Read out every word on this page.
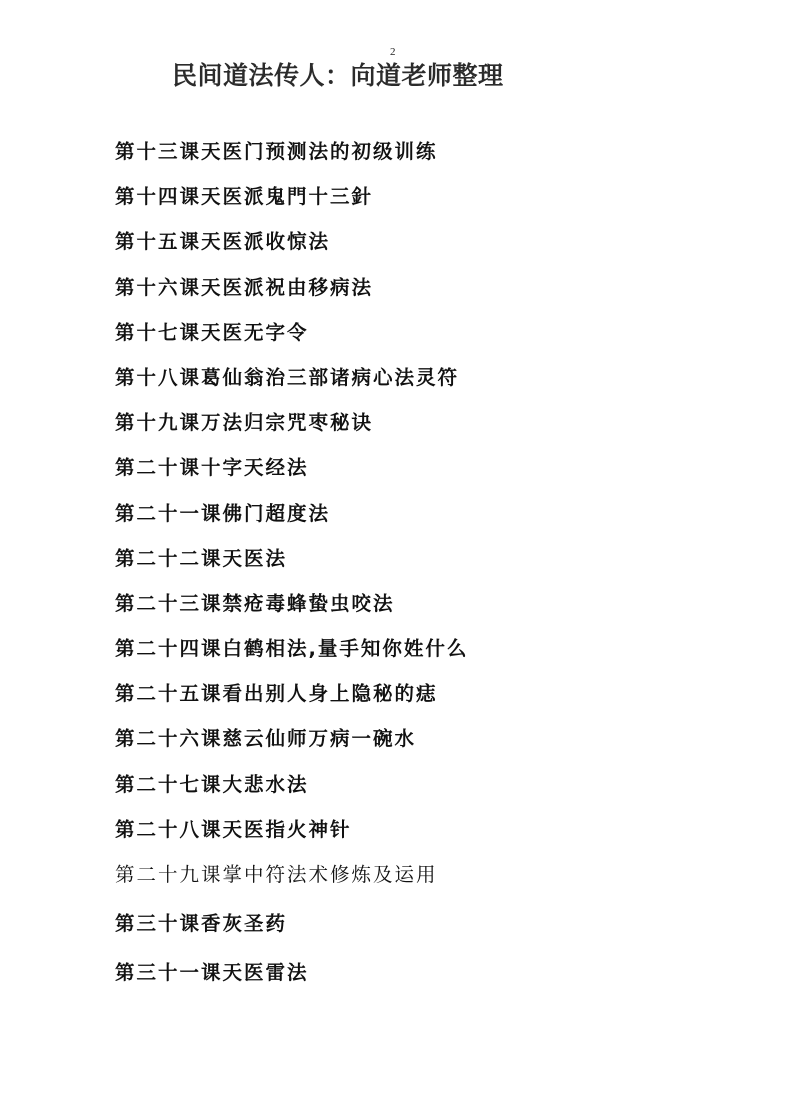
2
民间道法传人：向道老师整理
第十三课天医门预测法的初级训练
第十四课天医派鬼門十三針
第十五课天医派收惊法
第十六课天医派祝由移病法
第十七课天医无字令
第十八课葛仙翁治三部诸病心法灵符
第十九课万法归宗咒枣秘诀
第二十课十字天经法
第二十一课佛门超度法
第二十二课天医法
第二十三课禁疮毒蜂蛰虫咬法
第二十四课白鹤相法,量手知你姓什么
第二十五课看出别人身上隐秘的痣
第二十六课慈云仙师万病一碗水
第二十七课大悲水法
第二十八课天医指火神针
第二十九课掌中符法术修炼及运用
第三十课香灰圣药
第三十一课天医雷法
